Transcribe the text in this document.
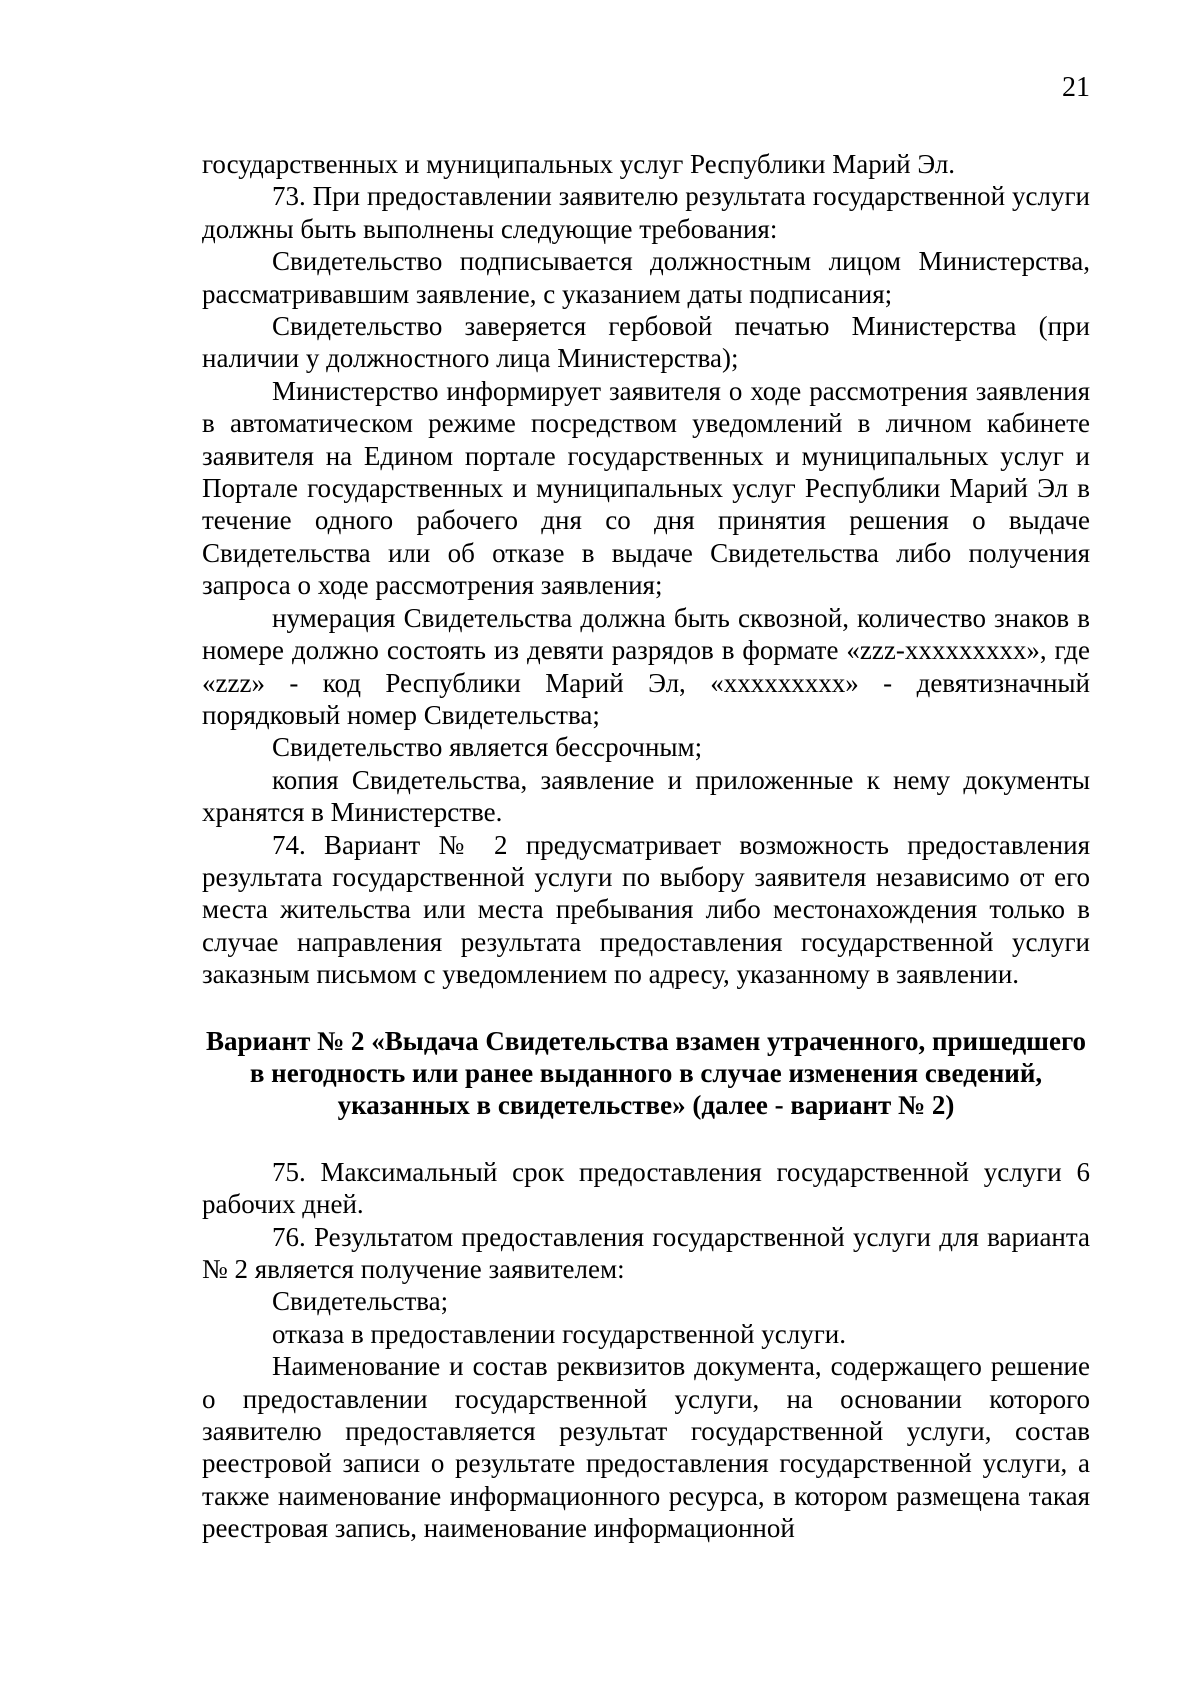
21

государственных и муниципальных услуг Республики Марий Эл.

73. При предоставлении заявителю результата государственной услуги должны быть выполнены следующие требования:

Свидетельство подписывается должностным лицом Министерства, рассматривавшим заявление, с указанием даты подписания;

Свидетельство заверяется гербовой печатью Министерства (при наличии у должностного лица Министерства);

Министерство информирует заявителя о ходе рассмотрения заявления в автоматическом режиме посредством уведомлений в личном кабинете заявителя на Едином портале государственных и муниципальных услуг и Портале государственных и муниципальных услуг Республики Марий Эл в течение одного рабочего дня со дня принятия решения о выдаче Свидетельства или об отказе в выдаче Свидетельства либо получения запроса о ходе рассмотрения заявления;

нумерация Свидетельства должна быть сквозной, количество знаков в номере должно состоять из девяти разрядов в формате «zzz-xxxxxxxxx», где «zzz» - код Республики Марий Эл, «xxxxxxxxx» - девятизначный порядковый номер Свидетельства;

Свидетельство является бессрочным;

копия Свидетельства, заявление и приложенные к нему документы хранятся в Министерстве.

74. Вариант № 2 предусматривает возможность предоставления результата государственной услуги по выбору заявителя независимо от его места жительства или места пребывания либо местонахождения только в случае направления результата предоставления государственной услуги заказным письмом с уведомлением по адресу, указанному в заявлении.

Вариант № 2 «Выдача Свидетельства взамен утраченного, пришедшего в негодность или ранее выданного в случае изменения сведений, указанных в свидетельстве» (далее - вариант № 2)

75. Максимальный срок предоставления государственной услуги 6 рабочих дней.

76. Результатом предоставления государственной услуги для варианта № 2 является получение заявителем:

Свидетельства;

отказа в предоставлении государственной услуги.

Наименование и состав реквизитов документа, содержащего решение о предоставлении государственной услуги, на основании которого заявителю предоставляется результат государственной услуги, состав реестровой записи о результате предоставления государственной услуги, а также наименование информационного ресурса, в котором размещена такая реестровая запись, наименование информационной
